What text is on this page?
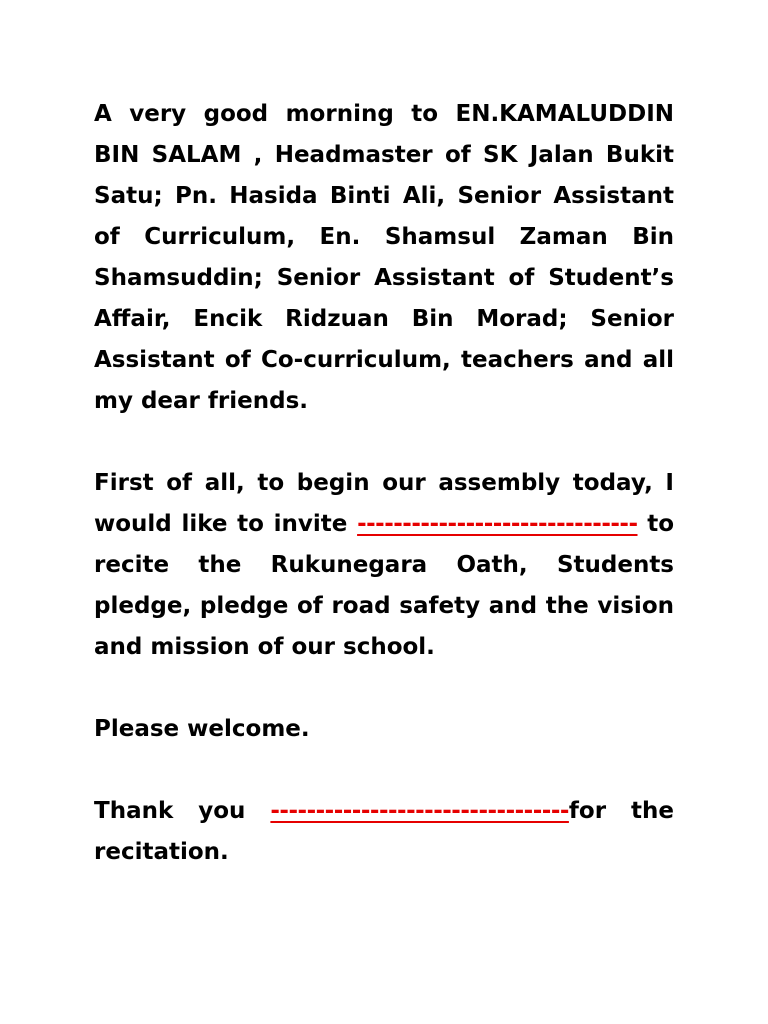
A very good morning to EN.KAMALUDDIN BIN SALAM , Headmaster of SK Jalan Bukit Satu; Pn. Hasida Binti Ali, Senior Assistant of Curriculum, En. Shamsul Zaman Bin Shamsuddin; Senior Assistant of Student’s Affair, Encik Ridzuan Bin Morad; Senior Assistant of Co-curriculum, teachers and all my dear friends.

First of all, to begin our assembly today, I would like to invite ------------------------------- to recite the Rukunegara Oath, Students pledge, pledge of road safety and the vision and mission of our school.

Please welcome.

Thank you ---------------------------------for the
recitation.
